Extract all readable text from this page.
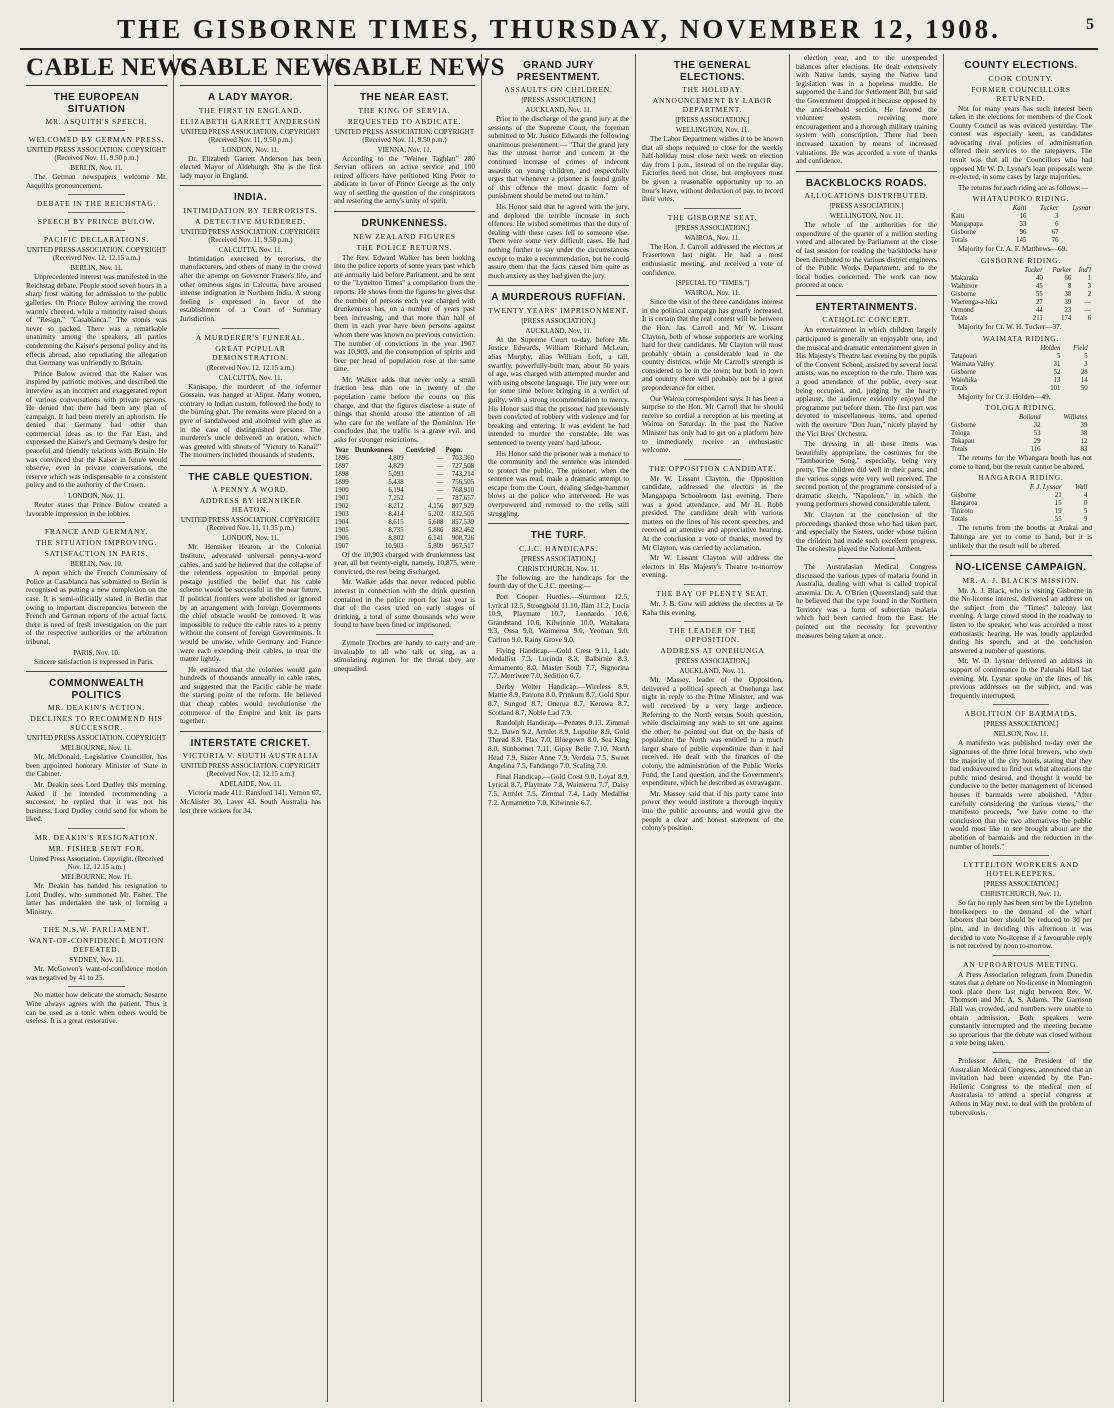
THE GISBORNE TIMES, THURSDAY, NOVEMBER 12, 1908.	5
CABLE NEWS
THE EUROPEAN SITUATION
MR. ASQUITH'S SPEECH.
WELCOMED BY GERMAN PRESS.
UNITED PRESS ASSOCIATION. COPYRIGHT (Received Nov. 11, 9.50 p.m.)
BERLIN, Nov. 11.

The German newspapers welcome Mr. Asquith's pronouncement.

DEBATE IN THE REICHSTAG.
SPEECH BY PRINCE BULOW.
PACIFIC DECLARATIONS.
UNITED PRESS ASSOCIATION. COPYRIGHT (Received Nov. 12, 12.15 a.m.)
BERLIN, Nov. 11.

Unprecedented interest was manifested in the Reichstag debate. People stood seven hours in a sharp frost waiting for admission to the public galleries. On Prince Bulow arriving the crowd warmly cheered, while a minority raised shouts of "Resign," "Casablanca." The stones was never so packed. There was a remarkable unanimity among the speakers, all parties condemning the Kaiser's personal policy and its effects abroad, also repudiating the allegation that Germany was unfriendly to Britain.

Prince Bulow averred that the Kaiser was inspired by patriotic motives, and described the interview as an incorrect and exaggerated report of various conversations with private persons. He denied that there had been any plan of campaign. It had been merely an aphorism. He denied that Germany had other than commercial ideas as to the Far East, and expressed the Kaiser's and Germany's desire for peaceful and friendly relations with Britain. He was convinced that the Kaiser in future would observe, even in private conversations, the reserve which was indispensable to a consistent policy and to the authority of the Crown.

LONDON, Nov. 11.

Reuter states that Prince Bulow created a favorable impression in the lobbies.

FRANCE AND GERMANY.
THE SITUATION IMPROVING.
SATISFACTION IN PARIS.
BERLIN, Nov. 10.

A report which the French Commissary of Police at Casablanca has submitted to Berlin is recognised as putting a new complexion on the case. It is semi-officially stated in Berlin that owing to important discrepancies between the French and German reports of the actual facts, there is need of fresh investigation on the part of the respective authorities or the arbitration tribunal.

PARIS, Nov. 10.

Sincere satisfaction is expressed in Paris.

COMMONWEALTH POLITICS
MR. DEAKIN'S ACTION.
DECLINES TO RECOMMEND HIS SUCCESSOR.
UNITED PRESS ASSOCIATION. COPYRIGHT
MELBOURNE, Nov. 11.

Mr. McDonald, Legislative Councillor, has been appointed honorary Minister of State in the Cabinet.

Mr. Deakin sees Lord Dudley this morning. Asked if he intended recommending a successor, he replied that it was not his business. Lord Dudley could send for whom he liked.

MR. DEAKIN'S RESIGNATION.
MR. FISHER SENT FOR.
United Press Association. Copyright. (Received Nov. 12, 12.15 a.m.)
MELBOURNE, Nov. 11.

Mr. Deakin has handed his resignation to Lord Dudley, who summoned Mr. Fisher. The latter has undertaken the task of forming a Ministry.

THE N.S.W. PARLIAMENT.
WANT-OF-CONFIDENCE MOTION DEFEATED.
SYDNEY, Nov. 11.

Mr. McGowen's want-of-confidence motion was negatived by 41 to 25.

No matter how delicate the stomach, Sesarne Wine always agrees with the patient. Thus it can be used as a tonic when others would be useless. It is a great restorative.

CABLE NEWS
A LADY MAYOR.
THE FIRST IN ENGLAND.
ELIZABETH GARRETT ANDERSON
UNITED PRESS ASSOCIATION. COPYRIGHT (Received Nov. 11, 9.50 p.m.)
LONDON, Nov. 11.

Dr. Elizabeth Garrett Anderson has been elected Mayor of Aldeburgh. She is the first lady mayor in England.

INDIA.
INTIMIDATION BY TERRORISTS.
A DETECTIVE MURDERED.
UNITED PRESS ASSOCIATION. COPYRIGHT (Received Nov. 11, 9.50 p.m.)
CALCUTTA, Nov. 11.

Intimidation exercised by terrorists, the manufacturers, and others of many in the crowd after the attempt on Governor Fraser's life, and other ominous signs in Calcutta, have aroused intense indignation in Northern India. A strong feeling is expressed in favor of the establishment of a Court of Summary Jurisdiction.

A MURDERER'S FUNERAL.
GREAT POPULAR DEMONSTRATION.
(Received Nov. 12, 12.15 a.m.)
CALCUTTA, Nov. 11.

Kanisapo, the murderer of the informer Gossain, was hanged at Alipur. Many women, contrary to Indian custom, followed the body to the burning ghat. The remains were placed on a pyre of sandalwood and anointed with ghee as in the case of distinguished persons. The murderer's uncle delivered an oration, which was greeted with shouts of "Victory to Kanai!" The mourners included thousands of students.

THE CABLE QUESTION.
A PENNY A WORD.
ADDRESS BY HENNIKER HEATON.
UNITED PRESS ASSOCIATION. COPYRIGHT (Received Nov. 11, 11.35 p.m.)
LONDON, Nov. 11.

Mr. Henniker Heaton, at the Colonial Institute, advocated universal penny-a-word cables, and said he believed that the collapse of the relentless opposition to Imperial penny postage justified the belief that his cable scheme would be successful in the near future. If political frontiers were abolished or ignored by an arrangement with foreign Governments the chief obstacle would be removed. It was impossible to reduce the cable rates to a penny without the consent of foreign Governments. It would be unwise, while Germany and France were each extending their cables, to treat the matter lightly.

He estimated that the colonies would gain hundreds of thousands annually in cable rates, and suggested that the Pacific cable be made the starting point of the reform. He believed that cheap cables would revolutionise the commerce of the Empire and knit its parts together.

INTERSTATE CRICKET.
VICTORIA V. SOUTH AUSTRALIA
UNITED PRESS ASSOCIATION. COPYRIGHT (Received Nov. 12, 12.15 a.m.)
ADELAIDE, Nov. 11.

Victoria made 411. Ransford 141, Vernon 67, McAlister 30, Laver 43. South Australia has lost three wickets for 34.

CABLE NEWS
THE NEAR EAST.
THE KING OF SERVIA.
REQUESTED TO ABDICATE.
UNITED PRESS ASSOCIATION. COPYRIGHT (Received Nov. 11, 9.50 p.m.)
VIENNA, Nov. 11.

According to the "Weiner Tagblatt" 280 Servian officers on active service and 100 retired officers have petitioned King Peter to abdicate in favor of Prince George as the only way of settling the question of the conspirators and restoring the army's unity of spirit.

DRUNKENNESS.
NEW ZEALAND FIGURES
THE POLICE RETURNS.

The Rev. Edward Walker has been looking into the police reports of some years past which are annually laid before Parliament, and he sent to the "Lyttelton Times" a compilation from the reports. He shows from the figures he gives that the number of persons each year charged with drunkenness has, on a number of years past been increasing, and that more than half of them in each year have been persons against whom there was known no previous conviction. The number of convictions in the year 1907 was 10,903, and the consumption of spirits and beer per head of population rose at the same time.

Mr. Walker adds that never only a small fraction less than one in twenty of the population came before the courts on this charge, and that the figures disclose a state of things that should arouse the attention of all who care for the welfare of the Dominion. He concludes that the traffic is a grave evil, and asks for stronger restrictions.

Year	Drunkenness	Convicted	Popn.
1896	4,809	—	703,360
1897	4,829	—	727,508
1898	5,093	—	743,214
1899	5,438	—	756,505
1900	6,194	—	768,910
1901	7,252	—	787,657
1902	8,212	4,156	807,929
1903	8,414	5,202	832,505
1904	8,615	5,688	857,539
1905	8,735	5,886	882,462
1906	8,802	6,141	908,726
1907	10,903	5,809	967,517

Of the 10,903 charged with drunkenness last year, all but twenty-eight, namely, 10,875, were convicted, the rest being discharged.

Mr. Walker adds that never reduced public interest in connection with the drink question contained in the police report for last year is that of the cases tried on early stages of drinking, a total of some thousands who were found to have been fined or imprisoned.

Zymole Troches are handy to carry and are invaluable to all who talk or sing, as a stimulating regimen for the throat they are unequalled.

GRAND JURY PRESENTMENT.
ASSAULTS ON CHILDREN.
[PRESS ASSOCIATION.]
AUCKLAND, Nov. 11.

Prior to the discharge of the grand jury at the sessions of the Supreme Court, the foreman submitted to Mr. Justice Edwards the following unanimous presentment:— "That the grand jury has the utmost horror and concern at the continued increase of crimes of indecent assaults on young children, and respectfully urges that whenever a prisoner is found guilty of this offence the most drastic form of punishment should be meted out to him."

His Honor said that he agreed with the jury, and deplored the terrible increase in such offences. He wished sometimes that the duty of dealing with these cases fell to someone else. There were some very difficult cases. He had nothing further to say under the circumstances except to make a recommendation, but he could assure them that the facts caused him quite as much anxiety as they had given the jury.

A MURDEROUS RUFFIAN.
TWENTY YEARS' IMPRISONMENT.
[PRESS ASSOCIATION.]
AUCKLAND, Nov. 11.

At the Supreme Court to-day, before Mr. Justice Edwards, William Richard McLean, alias Murphy, alias William Loft, a tall, swarthy, powerfully-built man, about 50 years of age, was charged with attempted murder and with using obscene language. The jury were out for some time before bringing in a verdict of guilty, with a strong recommendation to mercy. His Honor said that the prisoner had previously been convicted of robbery with violence and for breaking and entering. It was evident he had intended to murder the constable. He was sentenced to twenty years' hard labour.

His Honor said the prisoner was a menace to the community and the sentence was intended to protect the public. The prisoner, when the sentence was read, made a dramatic attempt to escape from the Court, dealing sledge-hammer blows at the police who intervened. He was overpowered and removed to the cells, still struggling.

THE TURF.
C.J.C. HANDICAPS.
[PRESS ASSOCIATION.]
CHRISTCHURCH, Nov. 11.

The following are the handicaps for the fourth day of the C.J.C. meeting:—

Port Cooper Hurdles.—Sturmont 12.5, Lyrical 12.5, Strongbold 11.10, Ilam 11.2, Lucia 10.9, Playmate 10.7, Leonardo 10.6, Grandstand 10.6, Kilwinnie 10.0, Waitakara 9.3, Ossa 9.0, Waimeroa 9.0, Yeoman 9.0, Carlton 9.0, Rainy Grove 9.0.

Flying Handicap.—Gold Crest 9.11, Lady Medallist 7.3, Lucinda 8.3, Balbirnie 8.3, Armamento 8.0, Master Soult 7.7, Signorina 7.7, Merriwee 7.0, Sedition 6.7.

Derby Welter Handicap.—Wireless 8.9, Mattie 8.9, Patrona 8.0, Prinkum 8.7, Gold Spur 8.7, Sungod 8.7, Onerua 8.7, Kerowa 8.7, Scotland 8.7, Noble Lad 7.9.

Randolph Handicap.—Penates 9.13, Zimmal 9.2, Dawn 9.2, Armlet 8.9, Lupulite 8.9, Gold Thread 8.9, Flax 7.0, Bluegown 8.0, Sea King 8.0, Sunbonnet 7.11, Gipsy Belle 7.10, North Head 7.9, Sister Anne 7.9, Verdoia 7.5, Sweet Angelina 7.5, Fandango 7.0, Scaling 7.0.

Final Handicap.—Gold Crest 9.0, Loyal 8.9, Lyrical 8.7, Playmate 7.8, Waimeroa 7.7, Daisy 7.5, Armlet 7.5, Zimmal 7.4, Lady Medallist 7.2, Armamento 7.0, Kilwinnie 6.7.

THE GENERAL ELECTIONS.
THE HOLIDAY.
ANNOUNCEMENT BY LABOR DEPARTMENT.
[PRESS ASSOCIATION.]
WELLINGTON, Nov. 11.

The Labor Department wishes it to be known that all shops required to close for the weekly half-holiday must close next week on election day from 1 p.m., instead of on the regular day. Factories need not close, but employees must be given a reasonable opportunity up to an hour's leave, without deduction of pay, to record their votes.

THE GISBORNE SEAT.
[PRESS ASSOCIATION.]
WAIROA, Nov. 11.

The Hon. J. Carroll addressed the electors at Frasertown last night. He had a most enthusiastic meeting, and received a vote of confidence.

[SPECIAL TO "TIMES."]
WAIROA, Nov. 11.

Since the visit of the three candidates interest in the political campaign has greatly increased. It is certain that the real contest will be between the Hon. Jas. Carroll and Mr W. Lissant Clayton, both of whose supporters are working hard for their candidates. Mr Clayton will most probably obtain a considerable lead in the country districts, while Mr Carroll's strength is considered to be in the town; but both in town and country there will probably not be a great preponderance for either.

Our Wairoa correspondent says: It has been a surprise to the Hon. Mr Carroll that he should receive so cordial a reception at his meeting at Wairoa on Saturday. In the past the Native Minister has only had to get on a platform here to immediately receive an enthusiastic welcome.

THE OPPOSITION CANDIDATE.

Mr W. Lissant Clayton, the Opposition candidate, addressed the electors in the Mangapapa Schoolroom last evening. There was a good attendance, and Mr H. Robb presided. The candidate dealt with various matters on the lines of his recent speeches, and received an attentive and appreciative hearing. At the conclusion a vote of thanks, moved by Mr Clayton, was carried by acclamation.

Mr W. Lissant Clayton will address the electors in His Majesty's Theatre to-morrow evening.

THE BAY OF PLENTY SEAT.

Mr. J. B. Gow will address the electors at Te Kaha this evening.

THE LEADER OF THE OPPOSITION.
ADDRESS AT ONEHUNGA
[PRESS ASSOCIATION.]
AUCKLAND, Nov. 11.

Mr. Massey, leader of the Opposition, delivered a political speech at Onehunga last night in reply to the Prime Minister, and was well received by a very large audience. Referring to the North versus South question, while disclaiming any wish to set one against the other, he pointed out that on the basis of population the North was entitled to a much larger share of public expenditure than it had received. He dealt with the finances of the colony, the administration of the Public Works Fund, the Land question, and the Government's expenditure, which he described as extravagant.

Mr. Massey said that if his party came into power they would institute a thorough inquiry into the public accounts, and would give the people a clear and honest statement of the colony's position.

election year, and to the unexpended balances after elections. He dealt extensively with Native lands, saying the Native land legislation was in a hopeless muddle. He supported the Land for Settlement Bill, but said the Government dropped it because opposed by the anti-freehold section. He favored the volunteer system receiving more encouragement and a thorough military training system with conscription. There had been increased taxation by means of increased valuations. He was accorded a vote of thanks and confidence.

BACKBLOCKS ROADS.
ALLOCATIONS DISTRIBUTED.
[PRESS ASSOCIATION.]
WELLINGTON, Nov. 11.

The whole of the authorities for the expenditure of the quarter of a million sterling voted and allocated by Parliament at the close of last session for roading the backblocks have been distributed to the various district engineers of the Public Works Department, and to the local bodies concerned. The work can now proceed at once.

ENTERTAINMENTS.
CATHOLIC CONCERT.

An entertainment in which children largely participated is generally an enjoyable one, and the musical and dramatic entertainment given in His Majesty's Theatre last evening by the pupils of the Convent School, assisted by several local artists, was no exception to the rule. There was a good attendance of the public, every seat being occupied, and, judging by the hearty applause, the audience evidently enjoyed the programme put before them. The first part was devoted to miscellaneous items, and opened with the overture "Don Juan," nicely played by the Vici Bros' Orchestra.

The dressing in all these items was beautifully appropriate, the costumes for the "Tambourine Song," especially, being very pretty. The children did well in their parts, and the various songs were very well received. The second portion of the programme consisted of a dramatic sketch, "Napoleon," in which the young performers showed considerable talent.

Mr. Clayton at the conclusion of the proceedings thanked those who had taken part, and especially the Sisters, under whose tuition the children had made such excellent progress. The orchestra played the National Anthem.

The Australasian Medical Congress discussed the various types of malaria found in Australia, dealing with what is called tropical anaemia. Dr. A. O'Brien (Queensland) said that he believed that the type found in the Northern Territory was a form of subtertian malaria which had been carried from the East. He pointed out the necessity for preventive measures being taken at once.

COUNTY ELECTIONS.
COOK COUNTY.
FORMER COUNCILLORS RETURNED.

Not for many years has such interest been taken in the elections for members of the Cook County Council as was evinced yesterday. The contest was especially keen, as candidates advocating rival policies of administration offered their services to the ratepayers. The result was that all the Councillors who had opposed Mr W. D. Lysnar's loan proposals were re-elected, in some cases by large majorities.

The returns for each riding are as follows:—

WHATAUPOKO RIDING.
	Kaiti	Tucker	Lysnar
Kaiti	16	3	
Mangapapa	33	6	
Gisborne	96	67	
Totals	145	76	

Majority for Cr. A. F. Matthews—69.

GISBORNE RIDING.
	Tucker	Parker	Ind'l
Makaraka	40	66	1
Waihirere	45	8	3
Gisborne	55	38	2
Waerenga-a-hika	27	39	—
Ormond	44	23	—
Totals	211	174	6

Majority for Cr. W. H. Tucker—37.

WAIMATA RIDING.
	Holden	Field	
Tatapouri	5	5	
Waimata Valley	31	3	
Gisborne	52	28	
Waiohika	13	14	
Totals	101	50	

Majority for Cr. J. Holden—49.

TOLOGA RIDING.
	Bolland	Williams	
Gisborne	32	39	
Tologa	53	38	
Tokapau	29	12	
Totals	116	83	

The returns for the Whangara booth has not come to hand, but the result cannot be altered.

HANGAROA RIDING.
	F. J. Lysnar	Wall	
Gisborne	21	4	
Hangaroa	15	0	
Tiniroto	19	5	
Totals	55	9	

The returns from the booths at Arakai and Tahunga are yet to come to hand, but it is unlikely that the result will be altered.

NO-LICENSE CAMPAIGN.
MR. A. J. BLACK'S MISSION.

Mr. A. J. Black, who is visiting Gisborne in the No-license interest, delivered an address on the subject from the "Times" balcony last evening. A large crowd stood in the roadway to listen to the speaker, who was accorded a most enthusiastic hearing. He was loudly applauded during his speech, and at the conclusion answered a number of questions.

Mr. W. D. Lysnar delivered an address in support of continuance in the Palutahi Hall last evening. Mr. Lysnar spoke on the lines of his previous addresses on the subject, and was frequently interrupted.

ABOLITION OF BARMAIDS.
[PRESS ASSOCIATION.]
NELSON, Nov. 11.

A manifesto was published to-day over the signatures of the three local brewers, who own the majority of the city hotels, stating that they had endeavoured to find out what alterations the public mind desired, and thought it would be conducive to the better management of licensed houses if barmaids were abolished. "After carefully considering the various views," the manifesto proceeds, "we have come to the conclusion that the two alternatives the public would most like to see brought about are the abolition of barmaids and the reduction in the number of hotels."

LYTTELTON WORKERS AND HOTELKEEPERS.
[PRESS ASSOCIATION.]
CHRISTCHURCH, Nov. 11.

So far no reply has been sent by the Lyttelton hotelkeepers to the demand of the wharf laborers that beer should be reduced to 3d per pint, and in deciding this afternoon it was decided to vote No-license if a favourable reply is not received by noon to-morrow.

AN UPROARIOUS MEETING.

A Press Association telegram from Dunedin states that a debate on No-license in Mornington took place there last night between Rev. W. Thomson and Mr. A. S. Adams. The Garrison Hall was crowded, and numbers were unable to obtain admission. Both speakers were constantly interrupted and the meeting became so uproarious that the debate was closed without a vote being taken.

Professor Allen, the President of the Australian Medical Congress, announced that an invitation had been extended by the Pan-Hellenic Congress to the medical men of Australasia to attend a special congress at Athens in May next, to deal with the problem of tuberculosis.
